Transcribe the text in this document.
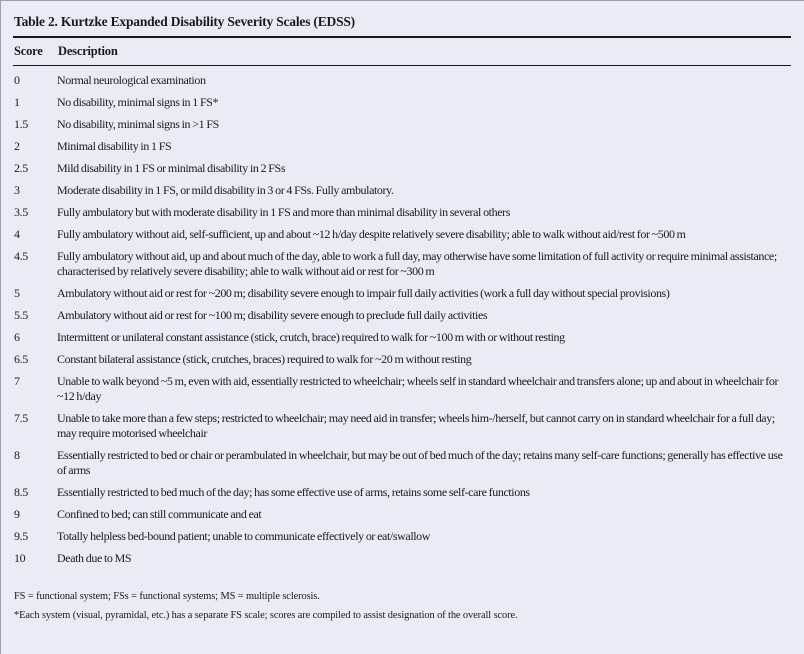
Table 2. Kurtzke Expanded Disability Severity Scales (EDSS)
Score	Description
0	Normal neurological examination
1	No disability, minimal signs in 1 FS*
1.5	No disability, minimal signs in >1 FS
2	Minimal disability in 1 FS
2.5	Mild disability in 1 FS or minimal disability in 2 FSs
3	Moderate disability in 1 FS, or mild disability in 3 or 4 FSs. Fully ambulatory.
3.5	Fully ambulatory but with moderate disability in 1 FS and more than minimal disability in several others
4	Fully ambulatory without aid, self-sufficient, up and about ~12 h/day despite relatively severe disability; able to walk without aid/rest for ~500 m
4.5	Fully ambulatory without aid, up and about much of the day, able to work a full day, may otherwise have some limitation of full activity or require minimal assistance; characterised by relatively severe disability; able to walk without aid or rest for ~300 m
5	Ambulatory without aid or rest for ~200 m; disability severe enough to impair full daily activities (work a full day without special provisions)
5.5	Ambulatory without aid or rest for ~100 m; disability severe enough to preclude full daily activities
6	Intermittent or unilateral constant assistance (stick, crutch, brace) required to walk for ~100 m with or without resting
6.5	Constant bilateral assistance (stick, crutches, braces) required to walk for ~20 m without resting
7	Unable to walk beyond ~5 m, even with aid, essentially restricted to wheelchair; wheels self in standard wheelchair and transfers alone; up and about in wheelchair for ~12 h/day
7.5	Unable to take more than a few steps; restricted to wheelchair; may need aid in transfer; wheels him-/herself, but cannot carry on in standard wheelchair for a full day; may require motorised wheelchair
8	Essentially restricted to bed or chair or perambulated in wheelchair, but may be out of bed much of the day; retains many self-care functions; generally has effective use of arms
8.5	Essentially restricted to bed much of the day; has some effective use of arms, retains some self-care functions
9	Confined to bed; can still communicate and eat
9.5	Totally helpless bed-bound patient; unable to communicate effectively or eat/swallow
10	Death due to MS
FS = functional system; FSs = functional systems; MS = multiple sclerosis.
*Each system (visual, pyramidal, etc.) has a separate FS scale; scores are compiled to assist designation of the overall score.
